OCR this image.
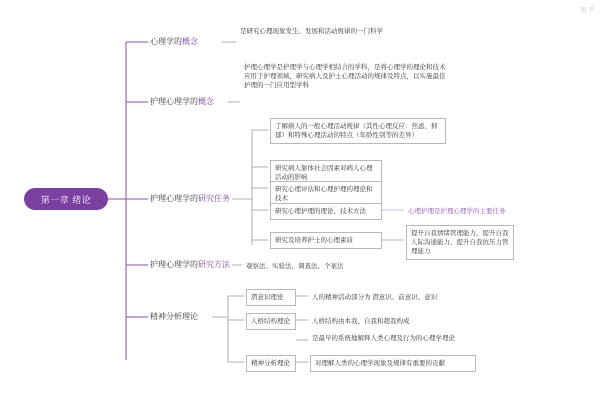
知 乎
第一章 绪论
心理学的 概念
是研究心理现象发生、发展和活动规律的一门科学
护理心理学的 概念
护理心理学是护理学与心理学相结合的学科，是将心理学的理论和技术应用于护理领域，研究病人及护士心理活动的规律及特点，以实施最佳护理的一门应用型学科
护理心理学的 研究任务
了解病人的一般心理活动规律（其性心理反应：焦虑、抑郁）和特殊心理活动的特点（年龄性别等的差异）
研究病人躯体社会因素对病人心理活动的影响
研究心理评估和心理护理的理论和技术
研究心理护理的理论、技术方法	心理护理是护理心理学的主要任务
研究及培养护士的心理素质
提升自我情绪管理能力，提升自我人际沟通能力、提升自我抗压力管理能力
护理心理学的 研究方法	观察法、实验法、调查法、个案法
精神分析理论
潜意识理论	人的精神活动部分为 潜意识、前意识、意识
人格结构理论	人格结构由本我、自我和超我构成
是最早的系统地解释人类心理及行为的心理学理论
精神分析理论	对理解人类的心理学现象及规律有重要的贡献
